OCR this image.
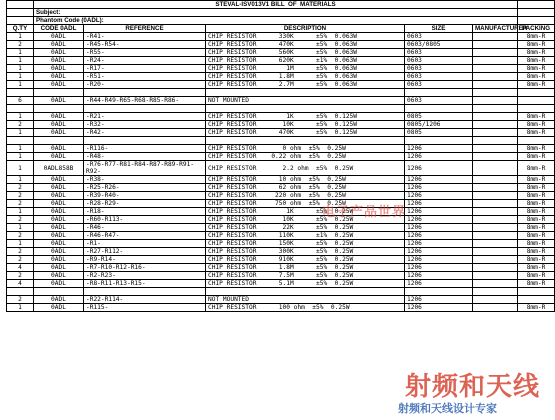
	STEVAL-ISV013V1 BILL  OF  MATERIALS					
	Subject:					
	Phantom Code (0ADL):					
Q.TY	CODE 0ADL	REFERENCE	DESCRIPTION	SIZE	MANUFACTURER	PACKING
1	0ADL	-R41-	CHIP RESISTOR      330K      ±5%  0.063W	0603		8mm-R
2	0ADL	-R45-R54-	CHIP RESISTOR      470K      ±5%  0.063W	0603/0805		8mm-R
1	0ADL	-R55-	CHIP RESISTOR      560K      ±5%  0.063W	0603		8mm-R
1	0ADL	-R24-	CHIP RESISTOR      620K      ±1%  0.063W	0603		8mm-R
1	0ADL	-R17-	CHIP RESISTOR        1M      ±5%  0.063W	0603		8mm-R
1	0ADL	-R51-	CHIP RESISTOR      1.8M      ±5%  0.063W	0603		8mm-R
1	0ADL	-R20-	CHIP RESISTOR      2.7M      ±5%  0.063W	0603		8mm-R

6	0ADL	-R44-R49-R65-R68-R85-R86-	NOT MOUNTED	0603		

1	0ADL	-R21-	CHIP RESISTOR        1K      ±5%  0.125W	0805		8mm-R
2	0ADL	-R32-	CHIP RESISTOR       10K      ±5%  0.125W	0805/1206		8mm-R
1	0ADL	-R42-	CHIP RESISTOR      470K      ±5%  0.125W	0805		8mm-R

1	0ADL	-R116-	CHIP RESISTOR       0 ohm  ±5%  0.25W	1206		8mm-R
1	0ADL	-R48-	CHIP RESISTOR    0.22 ohm  ±5%  0.25W	1206		8mm-R
1	0ADL858B	-R76-R77-R81-R84-R87-R89-R91-R92-	CHIP RESISTOR       2.2 ohm  ±5%  0.25W	1206		8mm-R
1	0ADL	-R38-	CHIP RESISTOR      10 ohm  ±5%  0.25W	1206		8mm-R
2	0ADL	-R25-R26-	CHIP RESISTOR      62 ohm  ±5%  0.25W	1206		8mm-R
2	0ADL	-R39-R40-	CHIP RESISTOR     220 ohm  ±5%  0.25W	1206		8mm-R
2	0ADL	-R28-R29-	CHIP RESISTOR     750 ohm  ±5%  0.25W	1206		8mm-R
1	0ADL	-R18-	CHIP RESISTOR        1K      ±5%  0.25W	1206		8mm-R
2	0ADL	-R60-R113-	CHIP RESISTOR       10K      ±5%  0.25W	1206		8mm-R
1	0ADL	-R46-	CHIP RESISTOR       22K      ±5%  0.25W	1206		8mm-R
2	0ADL	-R46-R47-	CHIP RESISTOR      110K      ±1%  0.25W	1206		8mm-R
1	0ADL	-R1-	CHIP RESISTOR      150K      ±5%  0.25W	1206		8mm-R
2	0ADL	-R27-R112-	CHIP RESISTOR      300K      ±5%  0.25W	1206		8mm-R
2	0ADL	-R9-R14-	CHIP RESISTOR      910K      ±5%  0.25W	1206		8mm-R
4	0ADL	-R7-R10-R12-R16-	CHIP RESISTOR      1.8M      ±5%  0.25W	1206		8mm-R
2	0ADL	-R2-R23-	CHIP RESISTOR      7.5M      ±5%  0.25W	1206		8mm-R
4	0ADL	-R8-R11-R13-R15-	CHIP RESISTOR      5.1M      ±5%  0.25W	1206		8mm-R

2	0ADL	-R22-R114-	NOT MOUNTED	1206		
1	0ADL	-R115-	CHIP RESISTOR      100 ohm  ±5%  0.25W	1206		8mm-R
电子产品世界
射频和天线
射频和天线设计专家
